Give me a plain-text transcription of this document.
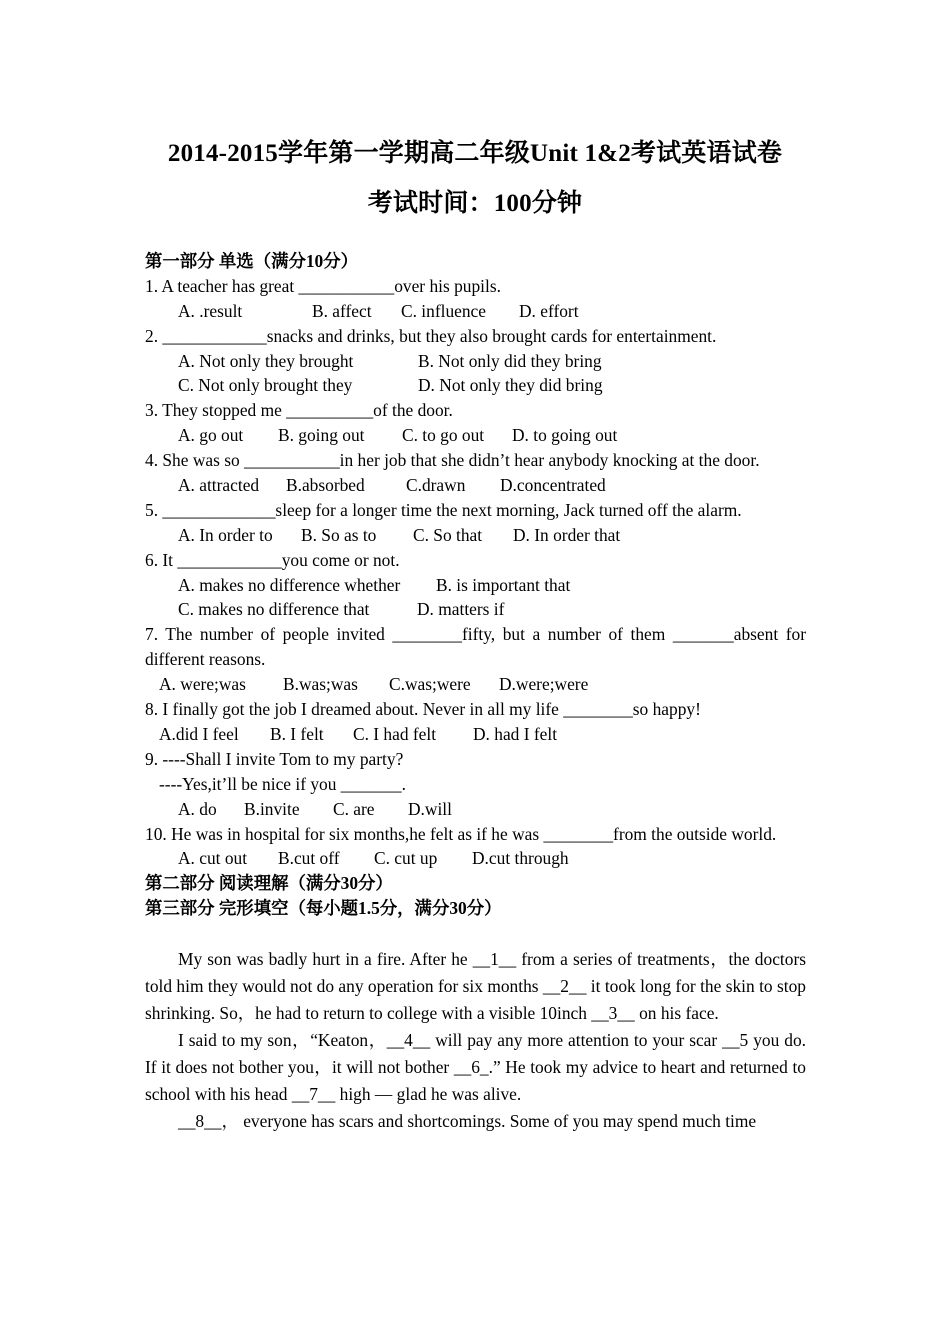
2014-2015学年第一学期高二年级Unit 1&2考试英语试卷
考试时间：100分钟
第一部分 单选（满分10分）
1. A teacher has great ___________over his pupils.
A. .result	B. affect C. influence D. effort
2. ____________snacks and drinks, but they also brought cards for entertainment.
A. Not only they brought	B. Not only did they bring
C. Not only brought they	D. Not only they did bring
3. They stopped me __________of the door.
A. go out B. going out C. to go out D. to going out
4. She was so ___________in her job that she didn’t hear anybody knocking at the door.
A. attracted B.absorbed C.drawn D.concentrated
5. _____________sleep for a longer time the next morning, Jack turned off the alarm.
A. In order to B. So as to C. So that D. In order that
6. It ____________you come or not.
A. makes no difference whether B. is important that
C. makes no difference that	D. matters if
7. The number of people invited ________fifty, but a number of them _______absent for different reasons.
A. were;was B.was;was C.was;were D.were;were
8. I finally got the job I dreamed about. Never in all my life ________so happy!
A.did I feel B. I felt C. I had felt D. had I felt
9. ----Shall I invite Tom to my party?
----Yes,it’ll be nice if you _______.
A. do B.invite C. are D.will
10. He was in hospital for six months,he felt as if he was ________from the outside world.
A. cut out B.cut off C. cut up D.cut through
第二部分 阅读理解（满分30分）
第三部分 完形填空（每小题1.5分，满分30分）

My son was badly hurt in a fire. After he __1__ from a series of treatments，the doctors told him they would not do any operation for six months __2__ it took long for the skin to stop shrinking. So，he had to return to college with a visible 10inch __3__ on his face.

I said to my son，“Keaton，__4__ will pay any more attention to your scar __5 you do. If it does not bother you，it will not bother __6_.” He took my advice to heart and returned to school with his head __7__ high — glad he was alive.

__8__， everyone has scars and shortcomings. Some of you may spend much time
